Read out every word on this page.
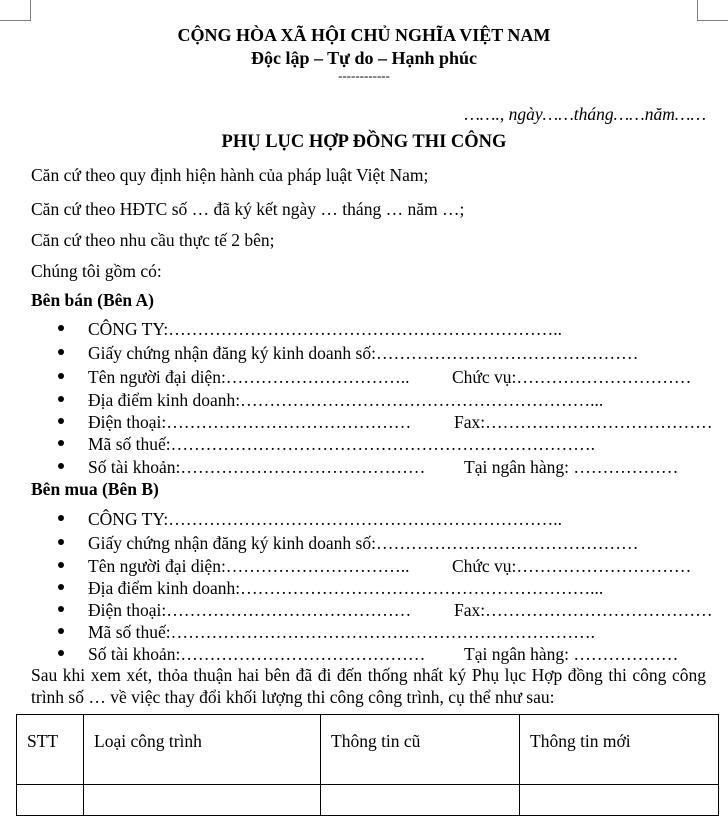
CỘNG HÒA XÃ HỘI CHỦ NGHĨA VIỆT NAM
Độc lập – Tự do – Hạnh phúc
------------
……., ngày……tháng……năm……
PHỤ LỤC HỢP ĐỒNG THI CÔNG
Căn cứ theo quy định hiện hành của pháp luật Việt Nam;
Căn cứ theo HĐTC số … đã ký kết ngày … tháng … năm …;
Căn cứ theo nhu cầu thực tế 2 bên;
Chúng tôi gồm có:
Bên bán (Bên A)
CÔNG TY:…………………………………………………………..
Giấy chứng nhận đăng ký kinh doanh số:………………………………………
Tên người đại diện:………………………….. Chức vụ:…………………………
Địa điểm kinh doanh:……………………………………………………...
Điện thoại:…………………………………… Fax:…………………………………
Mã số thuế:……………………………………………………………….
Số tài khoản:…………………………………… Tại ngân hàng: ………………
Bên mua (Bên B)
CÔNG TY:…………………………………………………………..
Giấy chứng nhận đăng ký kinh doanh số:………………………………………
Tên người đại diện:………………………….. Chức vụ:…………………………
Địa điểm kinh doanh:……………………………………………………...
Điện thoại:…………………………………… Fax:…………………………………
Mã số thuế:……………………………………………………………….
Số tài khoản:…………………………………… Tại ngân hàng: ………………
Sau khi xem xét, thỏa thuận hai bên đã đi đến thống nhất ký Phụ lục Hợp đồng thi công công trình số … về việc thay đổi khối lượng thi công công trình, cụ thể như sau:
STT	Loại công trình	Thông tin cũ	Thông tin mới
